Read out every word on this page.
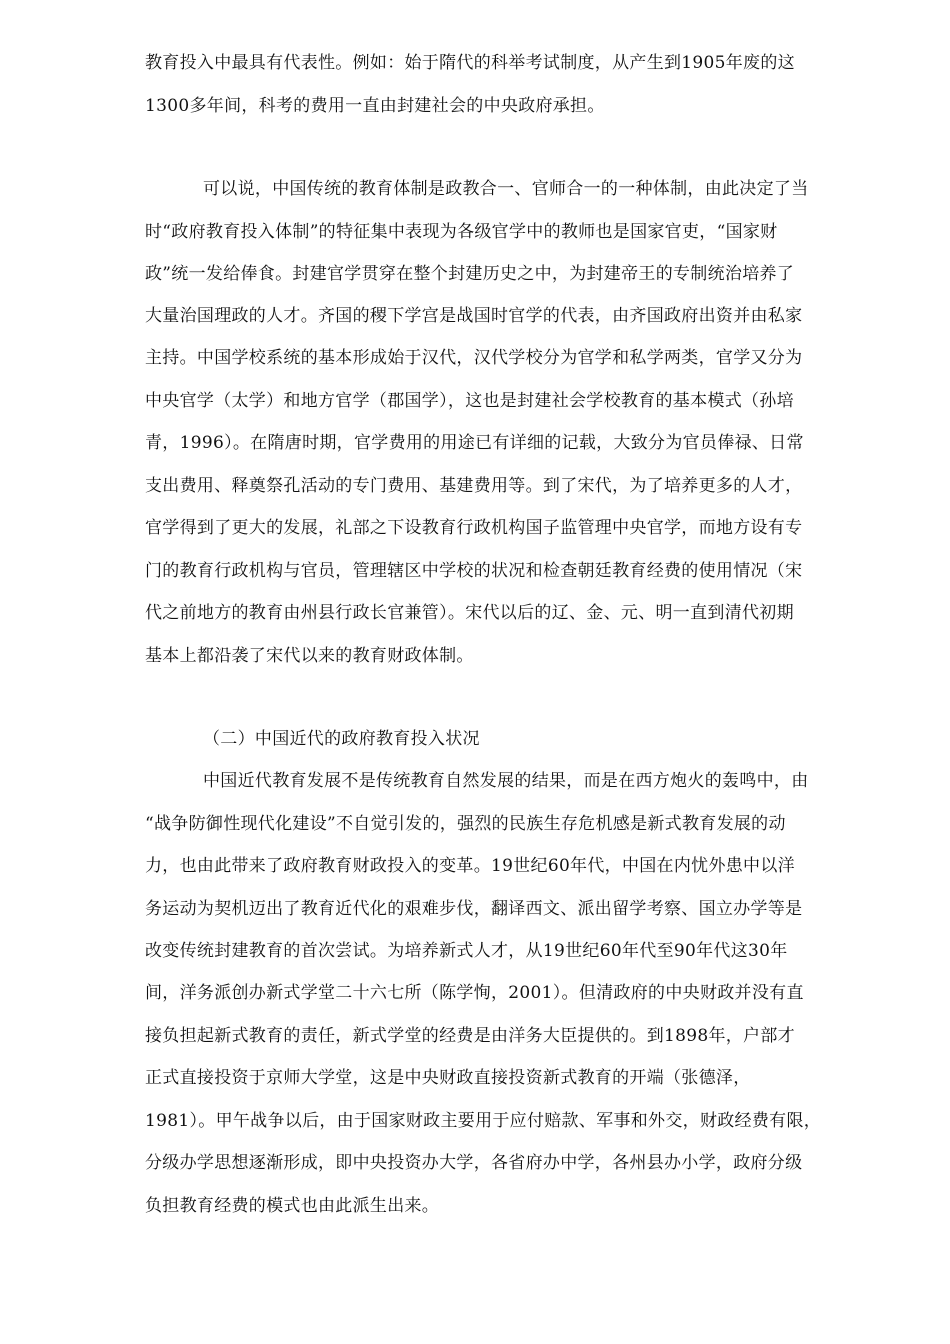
教育投入中最具有代表性。例如：始于隋代的科举考试制度，从产生到1905年废的这
1300多年间，科考的费用一直由封建社会的中央政府承担。
可以说，中国传统的教育体制是政教合一、官师合一的一种体制，由此决定了当
时“政府教育投入体制”的特征集中表现为各级官学中的教师也是国家官吏，“国家财
政”统一发给俸食。封建官学贯穿在整个封建历史之中，为封建帝王的专制统治培养了
大量治国理政的人才。齐国的稷下学宫是战国时官学的代表，由齐国政府出资并由私家
主持。中国学校系统的基本形成始于汉代，汉代学校分为官学和私学两类，官学又分为
中央官学（太学）和地方官学（郡国学），这也是封建社会学校教育的基本模式（孙培
青，1996）。在隋唐时期，官学费用的用途已有详细的记载，大致分为官员俸禄、日常
支出费用、释奠祭孔活动的专门费用、基建费用等。到了宋代，为了培养更多的人才，
官学得到了更大的发展，礼部之下设教育行政机构国子监管理中央官学，而地方设有专
门的教育行政机构与官员，管理辖区中学校的状况和检查朝廷教育经费的使用情况（宋
代之前地方的教育由州县行政长官兼管）。宋代以后的辽、金、元、明一直到清代初期
基本上都沿袭了宋代以来的教育财政体制。
（二）中国近代的政府教育投入状况
中国近代教育发展不是传统教育自然发展的结果，而是在西方炮火的轰鸣中，由
“战争防御性现代化建设”不自觉引发的，强烈的民族生存危机感是新式教育发展的动
力，也由此带来了政府教育财政投入的变革。19世纪60年代，中国在内忧外患中以洋
务运动为契机迈出了教育近代化的艰难步伐，翻译西文、派出留学考察、国立办学等是
改变传统封建教育的首次尝试。为培养新式人才，从19世纪60年代至90年代这30年
间，洋务派创办新式学堂二十六七所（陈学恂，2001）。但清政府的中央财政并没有直
接负担起新式教育的责任，新式学堂的经费是由洋务大臣提供的。到1898年，户部才
正式直接投资于京师大学堂，这是中央财政直接投资新式教育的开端（张德泽，
1981）。甲午战争以后，由于国家财政主要用于应付赔款、军事和外交，财政经费有限，
分级办学思想逐渐形成，即中央投资办大学，各省府办中学，各州县办小学，政府分级
负担教育经费的模式也由此派生出来。
